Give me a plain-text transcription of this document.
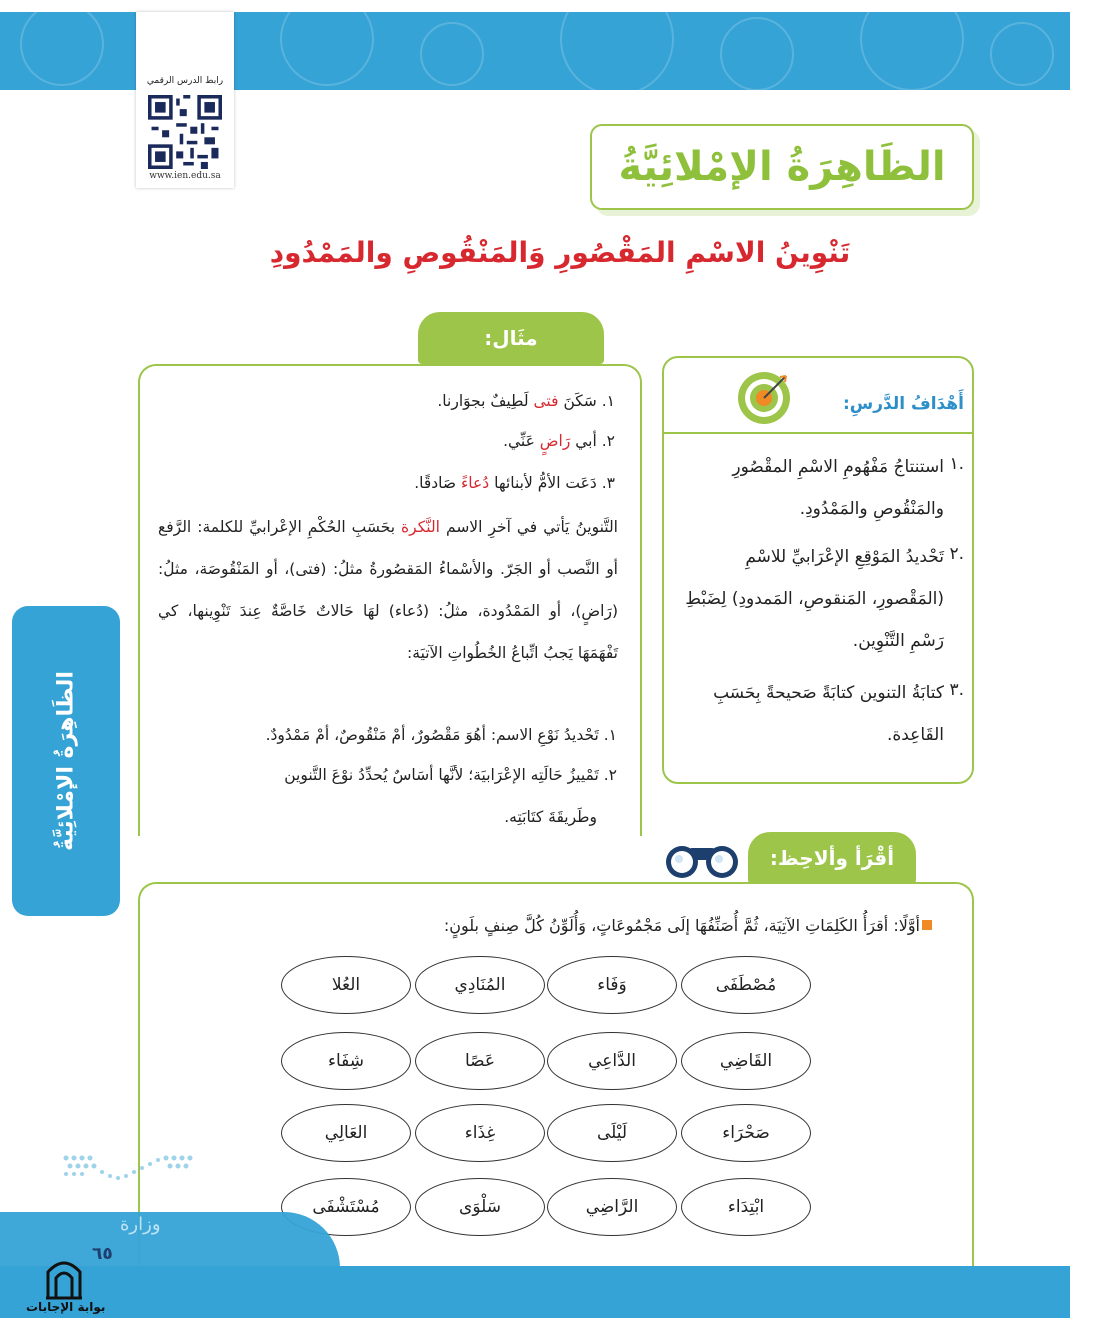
رابط الدرس الرقمي
www.ien.edu.sa	الظَاهِرَةُ الإمْلائِيَّةُ
تَنْوِينُ الاسْمِ المَقْصُورِ وَالمَنْقُوصِ والمَمْدُودِ
مثَال:
١. سَكَنَ فتى لَطِيفٌ بجوَارنا.
٢. أبي رَاضٍ عَنِّي.
٣. دَعَت الأمُّ لأبنائها دُعاءً صَادقًا.
التَّنوينُ يَأتي في آخرِ الاسم النَّكرة بحَسَبِ الحُكْمِ الإعْرابيِّ للكلمة: الرَّفع أو النَّصب أو الجَرّ. والأسْماءُ المَقصُورةُ مثلُ: (فتى)، أو المَنْقُوصَة، مثلُ: (رَاضٍ)، أو المَمْدُودة، مثلُ: (دُعاء) لهَا حَالاتٌ خَاصَّةٌ عِندَ تَنْوِينها، كي تَفْهَمَهَا يَجبُ اتِّباعُ الخُطُواتِ الآتيَة:
١. تَحْديدُ نَوْعِ الاسم: أهُوَ مَقْصُورٌ، أمْ مَنْقُوصٌ، أمْ مَمْدُودٌ.
٢. تَمْييزُ حَالَتِه الإعْرَابيَة؛ لأنَّها أسَاسٌ يُحدِّدُ نوْعَ التَّنوين
وطَريقَةَ كتَابَتِه.
أَهْدَافُ الدَّرسِ:
١.
استنتاجُ مَفْهُومِ الاسْمِ المقْصُورِ والمَنْقُوصِ والمَمْدُودِ.
٢.
تَحْديدُ المَوْقِعِ الإعْرَابيِّ للاسْمِ (المَقْصورِ، المَنقوصِ، المَمدودِ) لِضَبْطِ رَسْمِ التَّنْوِين.
٣.
كتابَةُ التنوين كتابَةً صَحيحةً بِحَسَبِ القَاعِدة.
أقْرَأ وألاحِظ:
أوَّلًا: أقرَأُ الكَلِمَاتِ الآتِيَة، ثُمَّ أُصَنِّفُهَا إلَى مَجْمُوعَاتٍ، وَأُلَوِّنُ كُلَّ صِنفٍ بلَونٍ:
مُصْطَفَى
وَفَاء
المُنَادِي
العُلا
القَاضِي
الدَّاعِي
عَصًا
شِفَاء
صَحْرَاء
لَيْلَى
غِذَاء
العَالِي
ابْتِدَاء
الرَّاضِي
سَلْوَى
مُسْتَشْفَى
الظَاهِرَةُ الإمْلائِيَّةُ
وزارة
٦٥
بوابة الإجابات
